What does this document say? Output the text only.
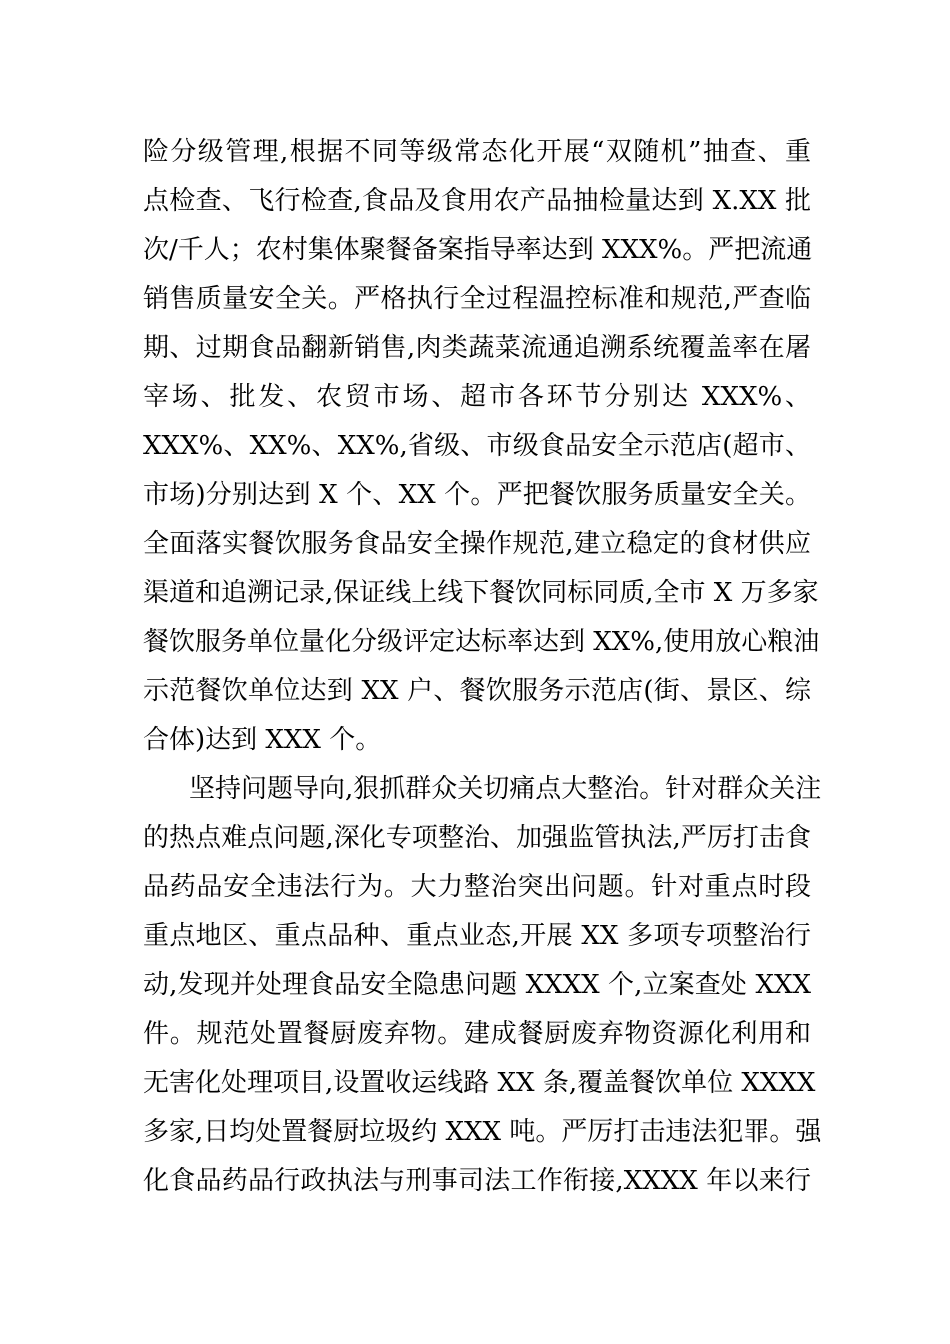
险分级管理,根据不同等级常态化开展“双随机”抽查、重
点检查、飞行检查,食品及食用农产品抽检量达到 X.XX 批
次/千人；农村集体聚餐备案指导率达到 XXX%。严把流通
销售质量安全关。严格执行全过程温控标准和规范,严查临
期、过期食品翻新销售,肉类蔬菜流通追溯系统覆盖率在屠
宰场、批发、农贸市场、超市各环节分别达 XXX%、
XXX%、XX%、XX%,省级、市级食品安全示范店(超市、
市场)分别达到 X 个、XX 个。严把餐饮服务质量安全关。
全面落实餐饮服务食品安全操作规范,建立稳定的食材供应
渠道和追溯记录,保证线上线下餐饮同标同质,全市 X 万多家
餐饮服务单位量化分级评定达标率达到 XX%,使用放心粮油
示范餐饮单位达到 XX 户、餐饮服务示范店(街、景区、综
合体)达到 XXX 个。
坚持问题导向,狠抓群众关切痛点大整治。针对群众关注
的热点难点问题,深化专项整治、加强监管执法,严厉打击食
品药品安全违法行为。大力整治突出问题。针对重点时段
重点地区、重点品种、重点业态,开展 XX 多项专项整治行
动,发现并处理食品安全隐患问题 XXXX 个,立案查处 XXX
件。规范处置餐厨废弃物。建成餐厨废弃物资源化利用和
无害化处理项目,设置收运线路 XX 条,覆盖餐饮单位 XXXX
多家,日均处置餐厨垃圾约 XXX 吨。严厉打击违法犯罪。强
化食品药品行政执法与刑事司法工作衔接,XXXX 年以来行
